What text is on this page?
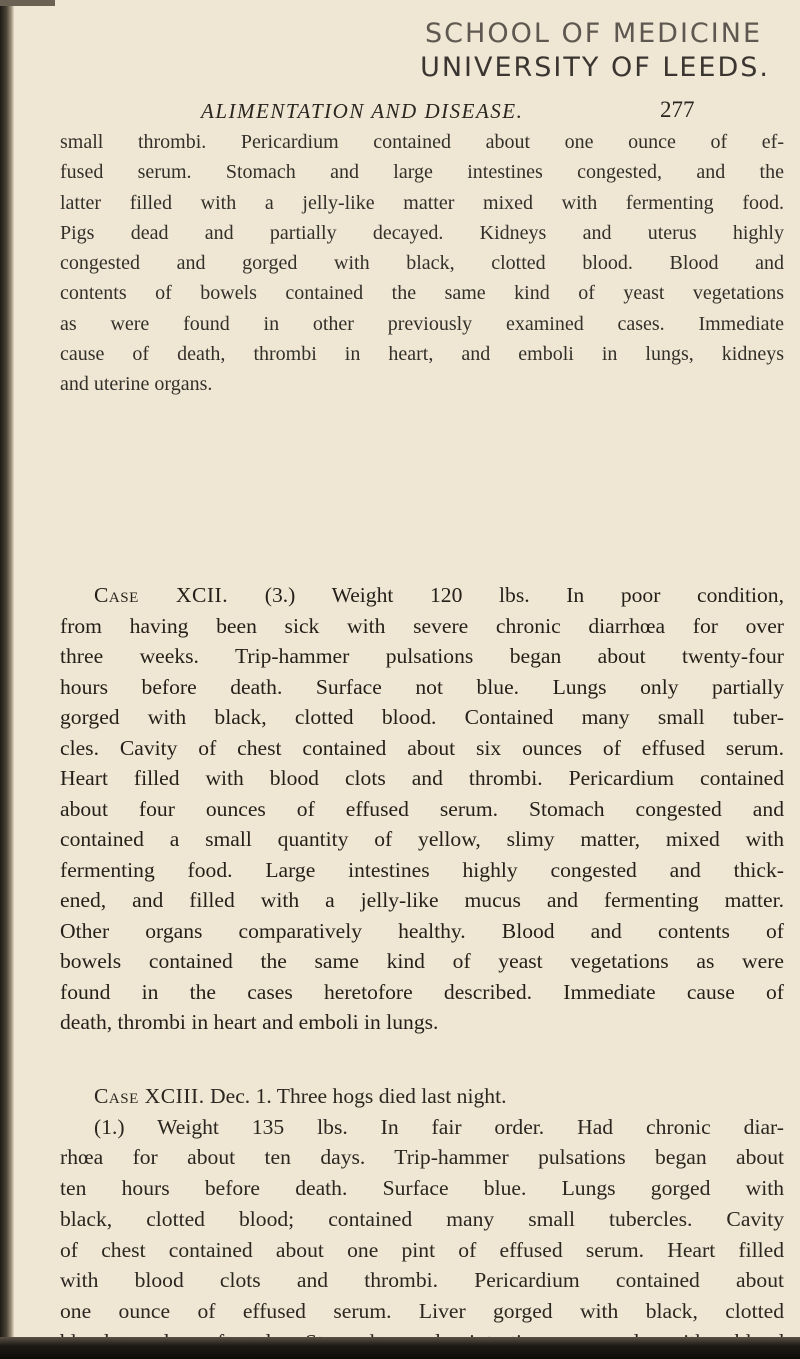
SCHOOL OF MEDICINE
UNIVERSITY OF LEEDS.
ALIMENTATION AND DISEASE.	277
small thrombi. Pericardium contained about one ounce of ef-
fused serum. Stomach and large intestines congested, and the
latter filled with a jelly-like matter mixed with fermenting food.
Pigs dead and partially decayed. Kidneys and uterus highly
congested and gorged with black, clotted blood. Blood and
contents of bowels contained the same kind of yeast vegetations
as were found in other previously examined cases. Immediate
cause of death, thrombi in heart, and emboli in lungs, kidneys
and uterine organs.
Case XCII. (3.) Weight 120 lbs. In poor condition,
from having been sick with severe chronic diarrhœa for over
three weeks. Trip-hammer pulsations began about twenty-four
hours before death. Surface not blue. Lungs only partially
gorged with black, clotted blood. Contained many small tuber-
cles. Cavity of chest contained about six ounces of effused serum.
Heart filled with blood clots and thrombi. Pericardium contained
about four ounces of effused serum. Stomach congested and
contained a small quantity of yellow, slimy matter, mixed with
fermenting food. Large intestines highly congested and thick-
ened, and filled with a jelly-like mucus and fermenting matter.
Other organs comparatively healthy. Blood and contents of
bowels contained the same kind of yeast vegetations as were
found in the cases heretofore described. Immediate cause of
death, thrombi in heart and emboli in lungs.
Case XCIII. Dec. 1. Three hogs died last night.
(1.) Weight 135 lbs. In fair order. Had chronic diar-
rhœa for about ten days. Trip-hammer pulsations began about
ten hours before death. Surface blue. Lungs gorged with
black, clotted blood; contained many small tubercles. Cavity
of chest contained about one pint of effused serum. Heart filled
with blood clots and thrombi. Pericardium contained about
one ounce of effused serum. Liver gorged with black, clotted
